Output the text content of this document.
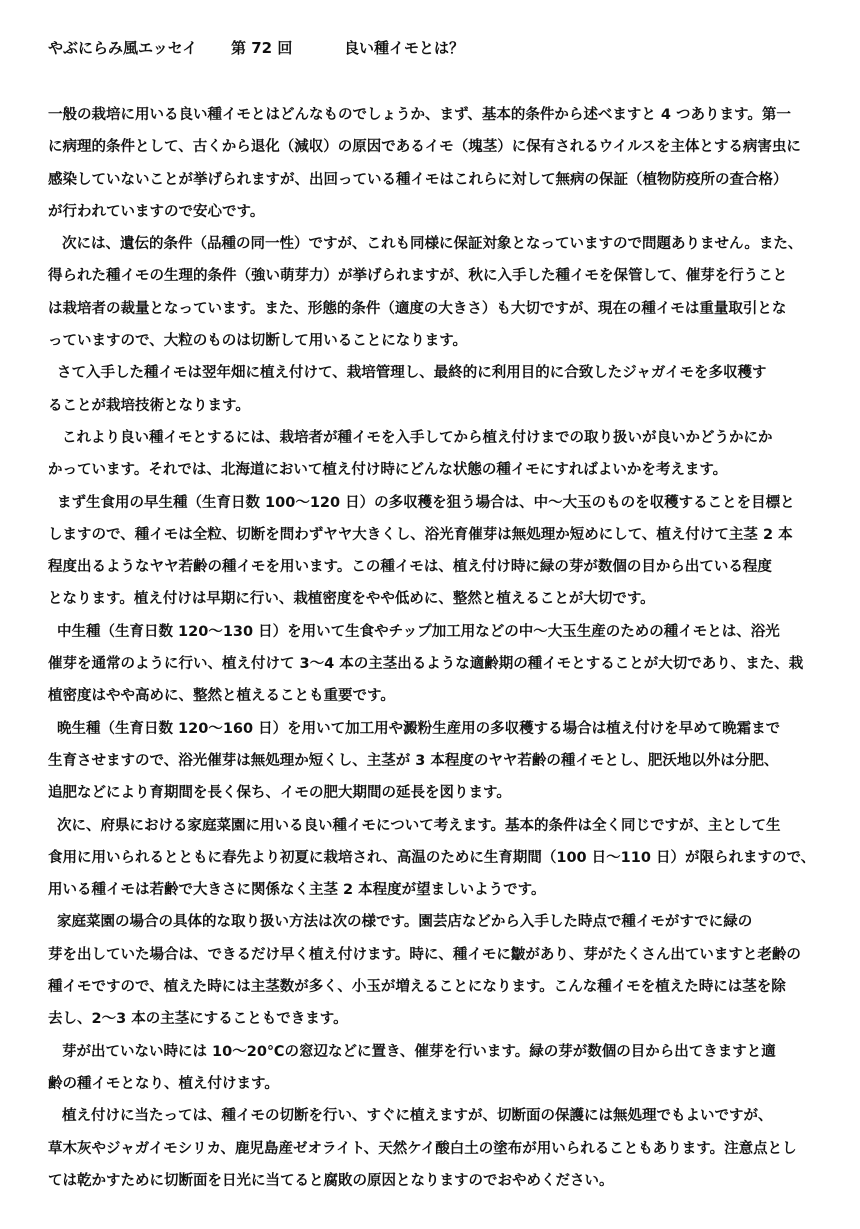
やぶにらみ風エッセイ 第 72 回	良い種イモとは？
一般の栽培に用いる良い種イモとはどんなものでしょうか、まず、基本的条件から述べますと 4 つあります。第一
に病理的条件として、古くから退化（減収）の原因であるイモ（塊茎）に保有されるウイルスを主体とする病害虫に
感染していないことが挙げられますが、出回っている種イモはこれらに対して無病の保証（植物防疫所の査合格）
が行われていますので安心です。
次には、遺伝的条件（品種の同一性）ですが、これも同様に保証対象となっていますので問題ありません。また、
得られた種イモの生理的条件（強い萌芽力）が挙げられますが、秋に入手した種イモを保管して、催芽を行うこと
は栽培者の裁量となっています。また、形態的条件（適度の大きさ）も大切ですが、現在の種イモは重量取引とな
っていますので、大粒のものは切断して用いることになります。
さて入手した種イモは翌年畑に植え付けて、栽培管理し、最終的に利用目的に合致したジャガイモを多収穫す
ることが栽培技術となります。
これより良い種イモとするには、栽培者が種イモを入手してから植え付けまでの取り扱いが良いかどうかにか
かっています。それでは、北海道において植え付け時にどんな状態の種イモにすればよいかを考えます。
まず生食用の早生種（生育日数 100〜120 日）の多収穫を狙う場合は、中〜大玉のものを収穫することを目標と
しますので、種イモは全粒、切断を問わずヤヤ大きくし、浴光育催芽は無処理か短めにして、植え付けて主茎 2 本
程度出るようなヤヤ若齢の種イモを用います。この種イモは、植え付け時に緑の芽が数個の目から出ている程度
となります。植え付けは早期に行い、栽植密度をやや低めに、整然と植えることが大切です。
中生種（生育日数 120〜130 日）を用いて生食やチップ加工用などの中〜大玉生産のための種イモとは、浴光
催芽を通常のように行い、植え付けて 3〜4 本の主茎出るような適齢期の種イモとすることが大切であり、また、栽
植密度はやや高めに、整然と植えることも重要です。
晩生種（生育日数 120〜160 日）を用いて加工用や澱粉生産用の多収穫する場合は植え付けを早めて晩霜まで
生育させますので、浴光催芽は無処理か短くし、主茎が 3 本程度のヤヤ若齢の種イモとし、肥沃地以外は分肥、
追肥などにより育期間を長く保ち、イモの肥大期間の延長を図ります。
次に、府県における家庭菜園に用いる良い種イモについて考えます。基本的条件は全く同じですが、主として生
食用に用いられるとともに春先より初夏に栽培され、高温のために生育期間（100 日〜110 日）が限られますので、
用いる種イモは若齢で大きさに関係なく主茎 2 本程度が望ましいようです。
家庭菜園の場合の具体的な取り扱い方法は次の様です。園芸店などから入手した時点で種イモがすでに緑の
芽を出していた場合は、できるだけ早く植え付けます。時に、種イモに皺があり、芽がたくさん出ていますと老齢の
種イモですので、植えた時には主茎数が多く、小玉が増えることになります。こんな種イモを植えた時には茎を除
去し、2〜3 本の主茎にすることもできます。
芽が出ていない時には 10〜20℃の窓辺などに置き、催芽を行います。緑の芽が数個の目から出てきますと適
齢の種イモとなり、植え付けます。
植え付けに当たっては、種イモの切断を行い、すぐに植えますが、切断面の保護には無処理でもよいですが、
草木灰やジャガイモシリカ、鹿児島産ゼオライト、天然ケイ酸白土の塗布が用いられることもあります。注意点とし
ては乾かすために切断面を日光に当てると腐敗の原因となりますのでおやめください。
